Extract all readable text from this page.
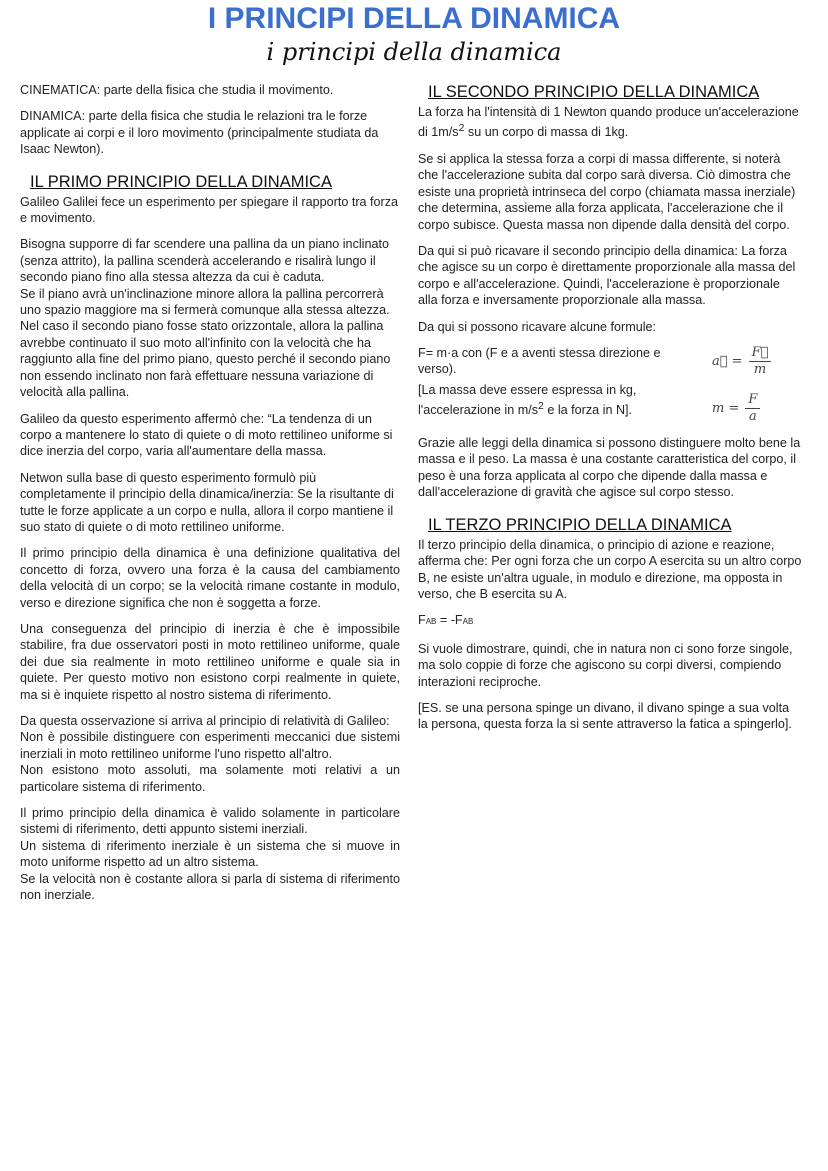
I PRINCIPI DELLA DINAMICA
i principi della dinamica

CINEMATICA: parte della fisica che studia il movimento.

DINAMICA: parte della fisica che studia le relazioni tra le forze applicate ai corpi e il loro movimento (principalmente studiata da Isaac Newton).

IL PRIMO PRINCIPIO DELLA DINAMICA

Galileo Galilei fece un esperimento per spiegare il rapporto tra forza e movimento.

Bisogna supporre di far scendere una pallina da un piano inclinato (senza attrito), la pallina scenderà accelerando e risalirà lungo il secondo piano fino alla stessa altezza da cui è caduta.
Se il piano avrà un'inclinazione minore allora la pallina percorrerà uno spazio maggiore ma si fermerà comunque alla stessa altezza.
Nel caso il secondo piano fosse stato orizzontale, allora la pallina avrebbe continuato il suo moto all'infinito con la velocità che ha raggiunto alla fine del primo piano, questo perché il secondo piano non essendo inclinato non farà effettuare nessuna variazione di velocità alla pallina.

Galileo da questo esperimento affermò che: “La tendenza di un corpo a mantenere lo stato di quiete o di moto rettilineo uniforme si dice inerzia del corpo, varia all'aumentare della massa.

Netwon sulla base di questo esperimento formulò più completamente il principio della dinamica/inerzia: Se la risultante di tutte le forze applicate a un corpo e nulla, allora il corpo mantiene il suo stato di quiete o di moto rettilineo uniforme.

Il primo principio della dinamica è una definizione qualitativa del concetto di forza, ovvero una forza è la causa del cambiamento della velocità di un corpo; se la velocità rimane costante in modulo, verso e direzione significa che non è soggetta a forze.

Una conseguenza del principio di inerzia è che è impossibile stabilire, fra due osservatori posti in moto rettilineo uniforme, quale dei due sia realmente in moto rettilineo uniforme e quale sia in quiete. Per questo motivo non esistono corpi realmente in quiete, ma si è inquiete rispetto al nostro sistema di riferimento.

Da questa osservazione si arriva al principio di relatività di Galileo:
Non è possibile distinguere con esperimenti meccanici due sistemi inerziali in moto rettilineo uniforme l'uno rispetto all'altro.
Non esistono moto assoluti, ma solamente moti relativi a un particolare sistema di riferimento.
Il primo principio della dinamica è valido solamente in particolare sistemi di riferimento, detti appunto sistemi inerziali.
Un sistema di riferimento inerziale è un sistema che si muove in moto uniforme rispetto ad un altro sistema.
Se la velocità non è costante allora si parla di sistema di riferimento non inerziale.
IL SECONDO PRINCIPIO DELLA DINAMICA

La forza ha l'intensità di 1 Newton quando produce un'accelerazione di $1m/s^2$ su un corpo di massa di 1kg.

Se si applica la stessa forza a corpi di massa differente, si noterà che l'accelerazione subita dal corpo sarà diversa. Ciò dimostra che esiste una proprietà intrinseca del corpo (chiamata massa inerziale) che determina, assieme alla forza applicata, l'accelerazione che il corpo subisce. Questa massa non dipende dalla densità del corpo.

Da qui si può ricavare il secondo principio della dinamica: La forza che agisce su un corpo è direttamente proporzionale alla massa del corpo e all'accelerazione. Quindi, l'accelerazione è proporzionale alla forza e inversamente proporzionale alla massa.

Da qui si possono ricavare alcune formule:

F= m·a con (F e a aventi stessa direzione e verso).

[La massa deve essere espressa in kg, l'accelerazione in $m/s^2$ e la forza in N].

a⃗ = $\frac{F⃗}{m}$
$m = \frac{F}{a}$

Grazie alle leggi della dinamica si possono distinguere molto bene la massa e il peso. La massa è una costante caratteristica del corpo, il peso è una forza applicata al corpo che dipende dalla massa e dall'accelerazione di gravità che agisce sul corpo stesso.

IL TERZO PRINCIPIO DELLA DINAMICA

Il terzo principio della dinamica, o principio di azione e reazione, afferma che: Per ogni forza che un corpo A esercita su un altro corpo B, ne esiste un'altra uguale, in modulo e direzione, ma opposta in verso, che B esercita su A.

FAB = -FAB

Si vuole dimostrare, quindi, che in natura non ci sono forze singole, ma solo coppie di forze che agiscono su corpi diversi, compiendo interazioni reciproche.

[ES. se una persona spinge un divano, il divano spinge a sua volta la persona, questa forza la si sente attraverso la fatica a spingerlo].
